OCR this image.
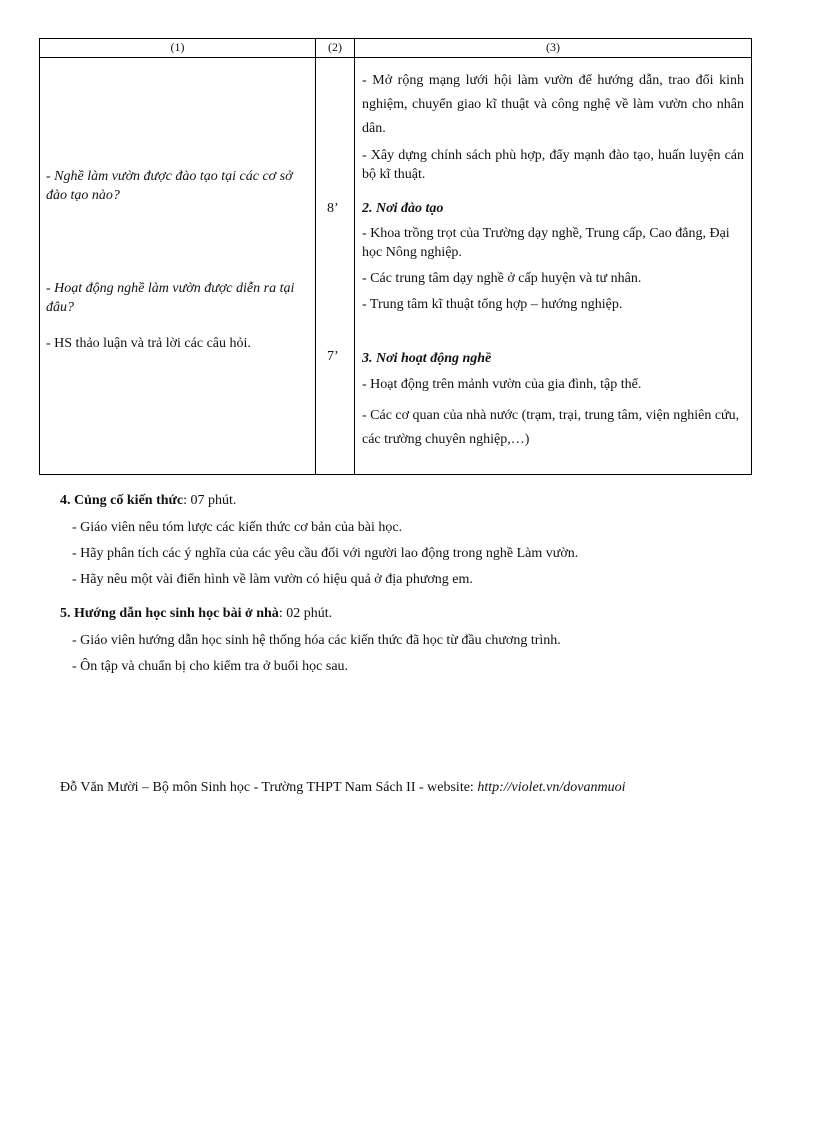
(1)	(2)	(3)
- Nghề làm vườn được đào tạo tại các cơ sở đào tạo nào?
- Hoạt động nghề làm vườn được diễn ra tại đâu?
- HS thảo luận và trả lời các câu hỏi.
8’
7’
- Mở rộng mạng lưới hội làm vườn để hướng dẫn, trao đổi kinh nghiệm, chuyển giao kĩ thuật và công nghệ về làm vườn cho nhân dân.
- Xây dựng chính sách phù hợp, đẩy mạnh đào tạo, huấn luyện cán bộ kĩ thuật.
2. Nơi đào tạo
- Khoa trồng trọt của Trường dạy nghề, Trung cấp, Cao đẳng, Đại học Nông nghiệp.
- Các trung tâm dạy nghề ở cấp huyện và tư nhân.
- Trung tâm kĩ thuật tổng hợp – hướng nghiệp.
3. Nơi hoạt động nghề
- Hoạt động trên mảnh vườn của gia đình, tập thể.
- Các cơ quan của nhà nước (trạm, trại, trung tâm, viện nghiên cứu, các trường chuyên nghiệp,…)
4. Củng cố kiến thức: 07 phút.
- Giáo viên nêu tóm lược các kiến thức cơ bản của bài học.
- Hãy phân tích các ý nghĩa của các yêu cầu đối với người lao động trong nghề Làm vườn.
- Hãy nêu một vài điển hình về làm vườn có hiệu quả ở địa phương em.
5. Hướng dẫn học sinh học bài ở nhà: 02 phút.
- Giáo viên hướng dẫn học sinh hệ thống hóa các kiến thức đã học từ đầu chương trình.
- Ôn tập và chuẩn bị cho kiểm tra ở buổi học sau.
Đỗ Văn Mười – Bộ môn Sinh học - Trường THPT Nam Sách II - website: http://violet.vn/dovanmuoi
